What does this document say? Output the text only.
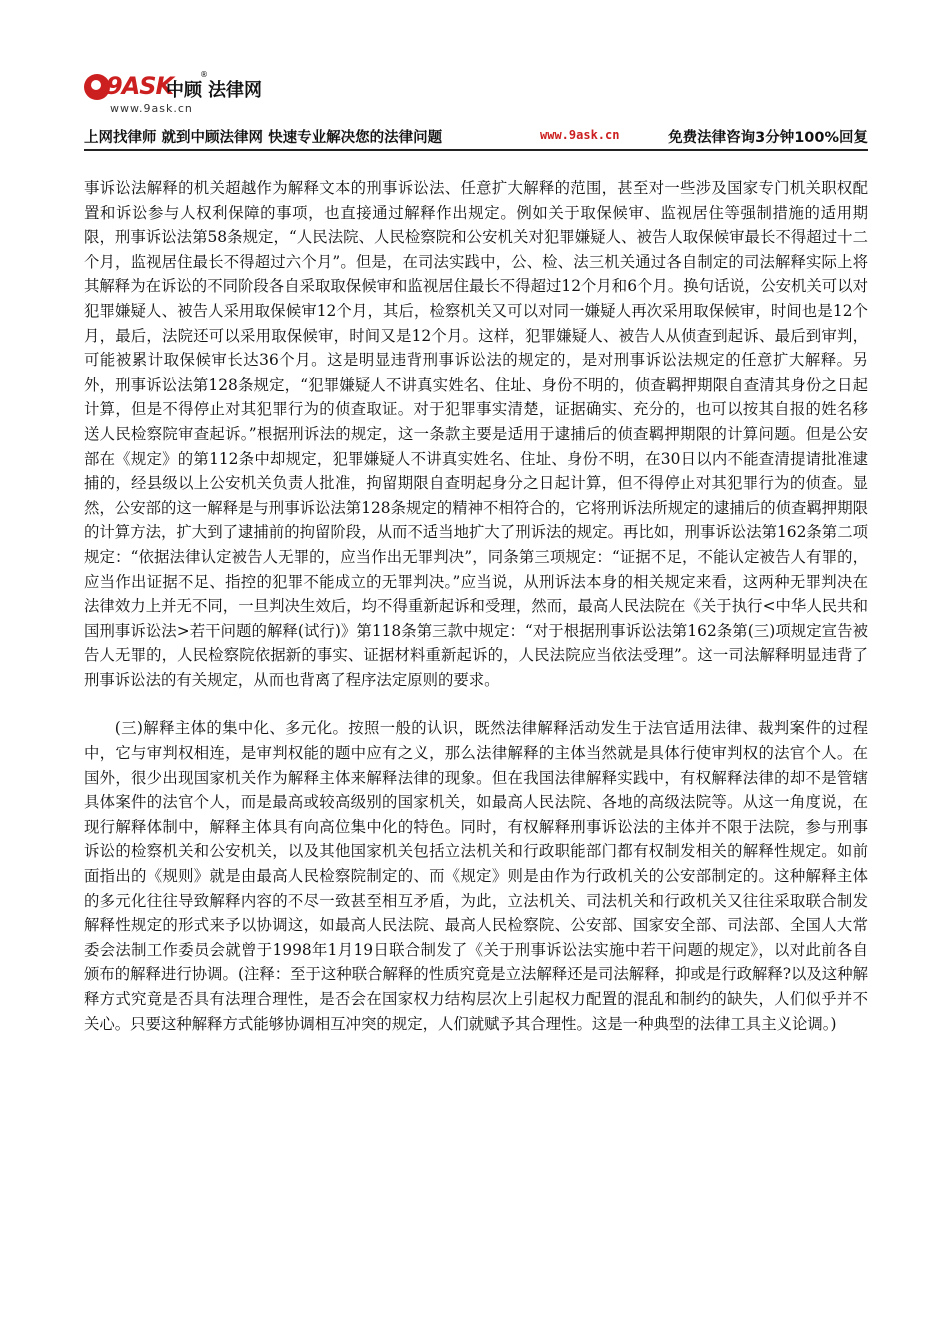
9ASK
中顾 法律网
®
www.9ask.cn
上网找律师 就到中顾法律网 快速专业解决您的法律问题	www.9ask.cn	免费法律咨询3分钟100%回复

事诉讼法解释的机关超越作为解释文本的刑事诉讼法、任意扩大解释的范围，甚至对一些涉及国家专门机关职权配置和诉讼参与人权利保障的事项，也直接通过解释作出规定。例如关于取保候审、监视居住等强制措施的适用期限，刑事诉讼法第58条规定，“人民法院、人民检察院和公安机关对犯罪嫌疑人、被告人取保候审最长不得超过十二个月，监视居住最长不得超过六个月”。但是，在司法实践中，公、检、法三机关通过各自制定的司法解释实际上将其解释为在诉讼的不同阶段各自采取取保候审和监视居住最长不得超过12个月和6个月。换句话说，公安机关可以对犯罪嫌疑人、被告人采用取保候审12个月，其后，检察机关又可以对同一嫌疑人再次采用取保候审，时间也是12个月，最后，法院还可以采用取保候审，时间又是12个月。这样，犯罪嫌疑人、被告人从侦查到起诉、最后到审判，可能被累计取保候审长达36个月。这是明显违背刑事诉讼法的规定的，是对刑事诉讼法规定的任意扩大解释。另外，刑事诉讼法第128条规定，“犯罪嫌疑人不讲真实姓名、住址、身份不明的，侦查羁押期限自查清其身份之日起计算，但是不得停止对其犯罪行为的侦查取证。对于犯罪事实清楚，证据确实、充分的，也可以按其自报的姓名移送人民检察院审查起诉。”根据刑诉法的规定，这一条款主要是适用于逮捕后的侦查羁押期限的计算问题。但是公安部在《规定》的第112条中却规定，犯罪嫌疑人不讲真实姓名、住址、身份不明，在30日以内不能查清提请批准逮捕的，经县级以上公安机关负责人批准，拘留期限自查明起身分之日起计算，但不得停止对其犯罪行为的侦查。显然，公安部的这一解释是与刑事诉讼法第128条规定的精神不相符合的，它将刑诉法所规定的逮捕后的侦查羁押期限的计算方法，扩大到了逮捕前的拘留阶段，从而不适当地扩大了刑诉法的规定。再比如，刑事诉讼法第162条第二项规定：“依据法律认定被告人无罪的，应当作出无罪判决”，同条第三项规定：“证据不足，不能认定被告人有罪的，应当作出证据不足、指控的犯罪不能成立的无罪判决。”应当说，从刑诉法本身的相关规定来看，这两种无罪判决在法律效力上并无不同，一旦判决生效后，均不得重新起诉和受理，然而，最高人民法院在《关于执行<中华人民共和国刑事诉讼法>若干问题的解释(试行)》第118条第三款中规定：“对于根据刑事诉讼法第162条第(三)项规定宣告被告人无罪的，人民检察院依据新的事实、证据材料重新起诉的，人民法院应当依法受理”。这一司法解释明显违背了刑事诉讼法的有关规定，从而也背离了程序法定原则的要求。

(三)解释主体的集中化、多元化。按照一般的认识，既然法律解释活动发生于法官适用法律、裁判案件的过程中，它与审判权相连，是审判权能的题中应有之义，那么法律解释的主体当然就是具体行使审判权的法官个人。在国外，很少出现国家机关作为解释主体来解释法律的现象。但在我国法律解释实践中，有权解释法律的却不是管辖具体案件的法官个人，而是最高或较高级别的国家机关，如最高人民法院、各地的高级法院等。从这一角度说，在现行解释体制中，解释主体具有向高位集中化的特色。同时，有权解释刑事诉讼法的主体并不限于法院，参与刑事诉讼的检察机关和公安机关，以及其他国家机关包括立法机关和行政职能部门都有权制发相关的解释性规定。如前面指出的《规则》就是由最高人民检察院制定的、而《规定》则是由作为行政机关的公安部制定的。这种解释主体的多元化往往导致解释内容的不尽一致甚至相互矛盾，为此，立法机关、司法机关和行政机关又往往采取联合制发解释性规定的形式来予以协调这，如最高人民法院、最高人民检察院、公安部、国家安全部、司法部、全国人大常委会法制工作委员会就曾于1998年1月19日联合制发了《关于刑事诉讼法实施中若干问题的规定》，以对此前各自颁布的解释进行协调。(注释：至于这种联合解释的性质究竟是立法解释还是司法解释，抑或是行政解释?以及这种解释方式究竟是否具有法理合理性，是否会在国家权力结构层次上引起权力配置的混乱和制约的缺失，人们似乎并不关心。只要这种解释方式能够协调相互冲突的规定，人们就赋予其合理性。这是一种典型的法律工具主义论调。)
